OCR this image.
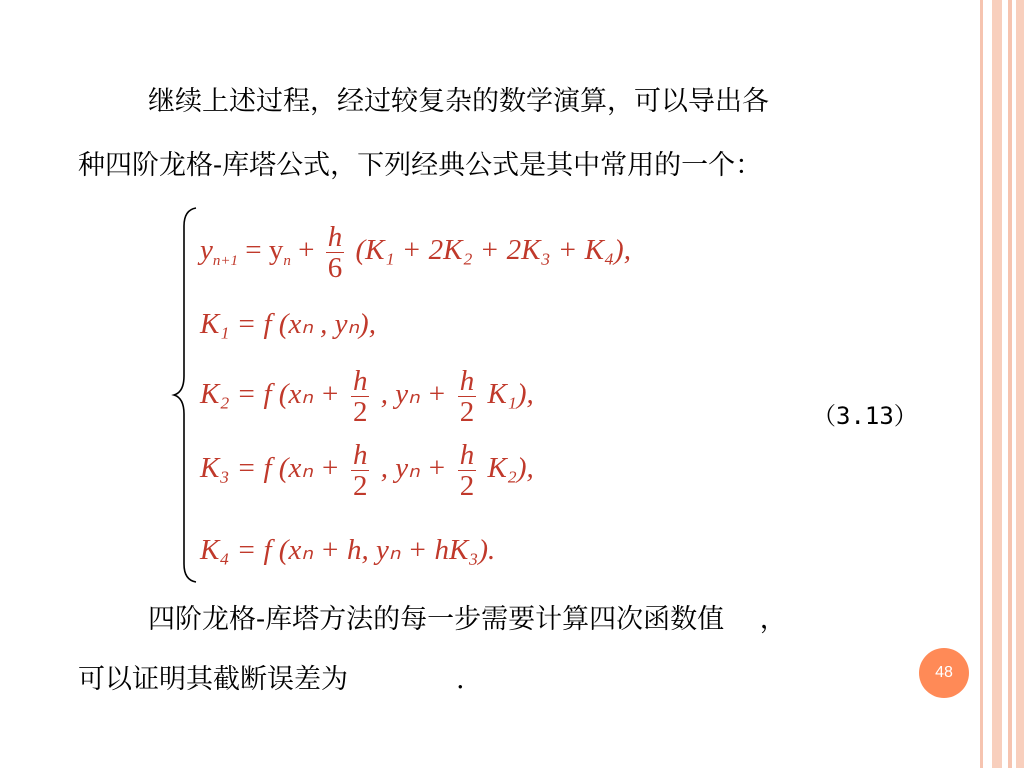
继续上述过程，经过较复杂的数学演算，可以导出各
种四阶龙格-库塔公式，下列经典公式是其中常用的一个：
$y_{n+1} = y_n + \frac{h}{6} (K_1 + 2K_2 + 2K_3 + K_4)$,
K₁ = f (xₙ , yₙ),
K₂ = f ($x_n + \frac{h}{2}$ , $y_n + \frac{h}{2} K_1$),
K₃ = f ($x_n + \frac{h}{2}$ , $y_n + \frac{h}{2} K_2$),
K₄ = f (xₙ + h, yₙ + hK₃).
（3.13）
四阶龙格-库塔方法的每一步需要计算四次函数值　 ，
可以证明其截断误差为　　　　.	48
